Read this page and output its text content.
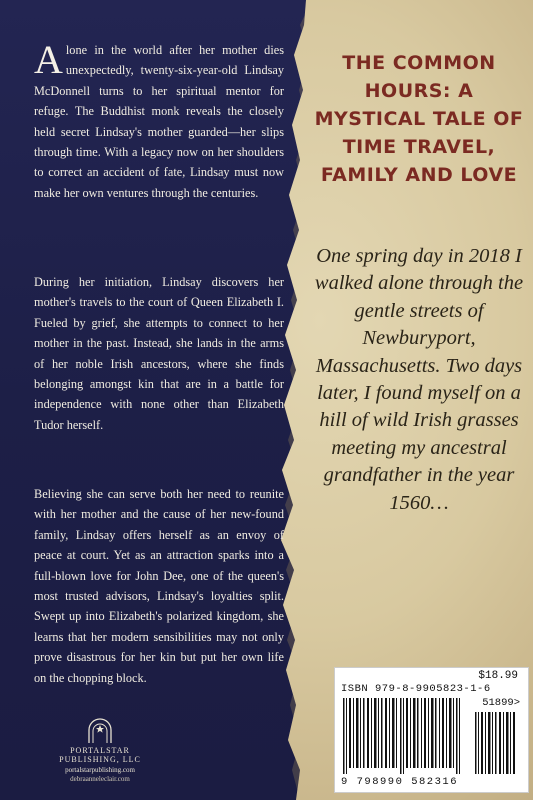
Alone in the world after her mother dies unexpectedly, twenty-six-year-old Lindsay McDonnell turns to her spiritual mentor for refuge. The Buddhist monk reveals the closely held secret Lindsay's mother guarded—her slips through time. With a legacy now on her shoulders to correct an accident of fate, Lindsay must now make her own ventures through the centuries.

During her initiation, Lindsay discovers her mother's travels to the court of Queen Elizabeth I. Fueled by grief, she attempts to connect to her mother in the past. Instead, she lands in the arms of her noble Irish ancestors, where she finds belonging amongst kin that are in a battle for independence with none other than Elizabeth Tudor herself.

Believing she can serve both her need to reunite with her mother and the cause of her new-found family, Lindsay offers herself as an envoy of peace at court. Yet as an attraction sparks into a full-blown love for John Dee, one of the queen's most trusted advisors, Lindsay's loyalties split. Swept up into Elizabeth's polarized kingdom, she learns that her modern sensibilities may not only prove disastrous for her kin but put her own life on the chopping block.

THE COMMON HOURS: A MYSTICAL TALE OF TIME TRAVEL, FAMILY AND LOVE

One spring day in 2018 I walked alone through the gentle streets of Newburyport, Massachusetts. Two days later, I found myself on a hill of wild Irish grasses meeting my ancestral grandfather in the year 1560…

PORTALSTAR PUBLISHING, LLC

portalstarpublishing.com

debraanneleclair.com

$18.99

ISBN 979-8-9905823-1-6

51899>

9 798990 582316
